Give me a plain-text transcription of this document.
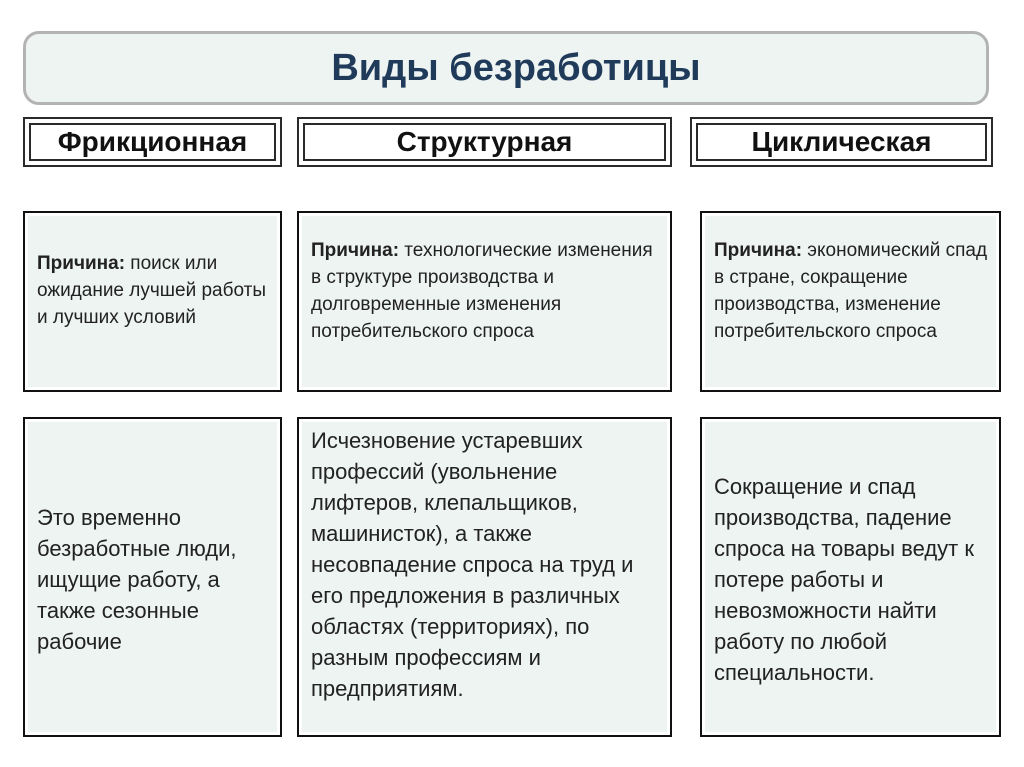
Виды безработицы
Фрикционная	Структурная	Циклическая
Причина: поиск или ожидание лучшей работы и лучших условий
Причина: технологические изменения в структуре производства и долговременные изменения потребительского спроса
Причина: экономический спад в стране, сокращение производства, изменение потребительского спроса
Это временно безработные люди, ищущие работу, а также сезонные рабочие
Исчезновение устаревших профессий (увольнение лифтеров, клепальщиков, машинисток), а также несовпадение спроса на труд и его предложения в различных областях (территориях), по разным профессиям и предприятиям.
Сокращение и спад производства, падение спроса на товары ведут к потере работы и невозможности найти работу по любой специальности.
